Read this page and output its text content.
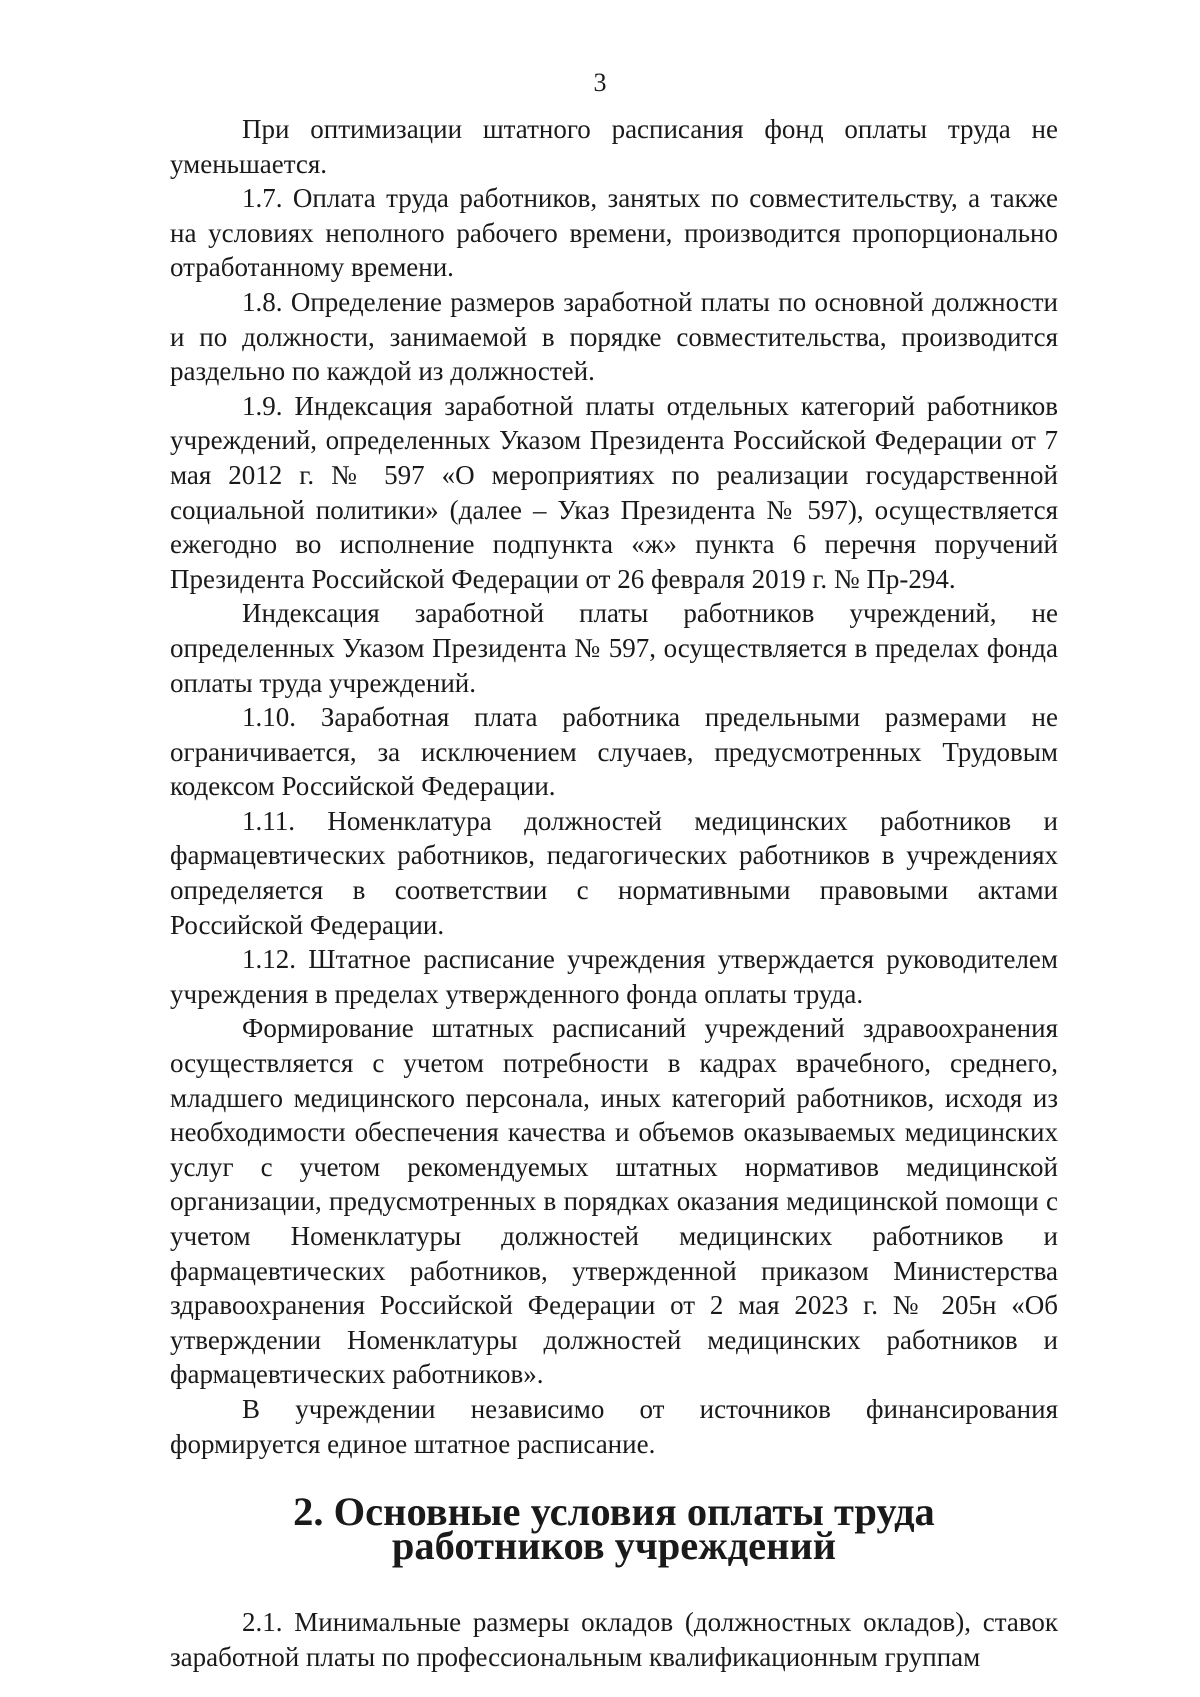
3

При оптимизации штатного расписания фонд оплаты труда не уменьшается.

1.7. Оплата труда работников, занятых по совместительству, а также на условиях неполного рабочего времени, производится пропорционально отработанному времени.

1.8. Определение размеров заработной платы по основной должности и по должности, занимаемой в порядке совместительства, производится раздельно по каждой из должностей.

1.9. Индексация заработной платы отдельных категорий работников учреждений, определенных Указом Президента Российской Федерации от 7 мая 2012 г. № 597 «О мероприятиях по реализации государственной социальной политики» (далее – Указ Президента № 597), осуществляется ежегодно во исполнение подпункта «ж» пункта 6 перечня поручений Президента Российской Федерации от 26 февраля 2019 г. № Пр-294.

Индексация заработной платы работников учреждений, не определенных Указом Президента № 597, осуществляется в пределах фонда оплаты труда учреждений.

1.10. Заработная плата работника предельными размерами не ограничивается, за исключением случаев, предусмотренных Трудовым кодексом Российской Федерации.

1.11. Номенклатура должностей медицинских работников и фармацевтических работников, педагогических работников в учреждениях определяется в соответствии с нормативными правовыми актами Российской Федерации.

1.12. Штатное расписание учреждения утверждается руководителем учреждения в пределах утвержденного фонда оплаты труда.

Формирование штатных расписаний учреждений здравоохранения осуществляется с учетом потребности в кадрах врачебного, среднего, младшего медицинского персонала, иных категорий работников, исходя из необходимости обеспечения качества и объемов оказываемых медицинских услуг с учетом рекомендуемых штатных нормативов медицинской организации, предусмотренных в порядках оказания медицинской помощи с учетом Номенклатуры должностей медицинских работников и фармацевтических работников, утвержденной приказом Министерства здравоохранения Российской Федерации от 2 мая 2023 г. № 205н «Об утверждении Номенклатуры должностей медицинских работников и фармацевтических работников».

В учреждении независимо от источников финансирования формируется единое штатное расписание.

2. Основные условия оплаты труда
работников учреждений

2.1. Минимальные размеры окладов (должностных окладов), ставок заработной платы по профессиональным квалификационным группам
